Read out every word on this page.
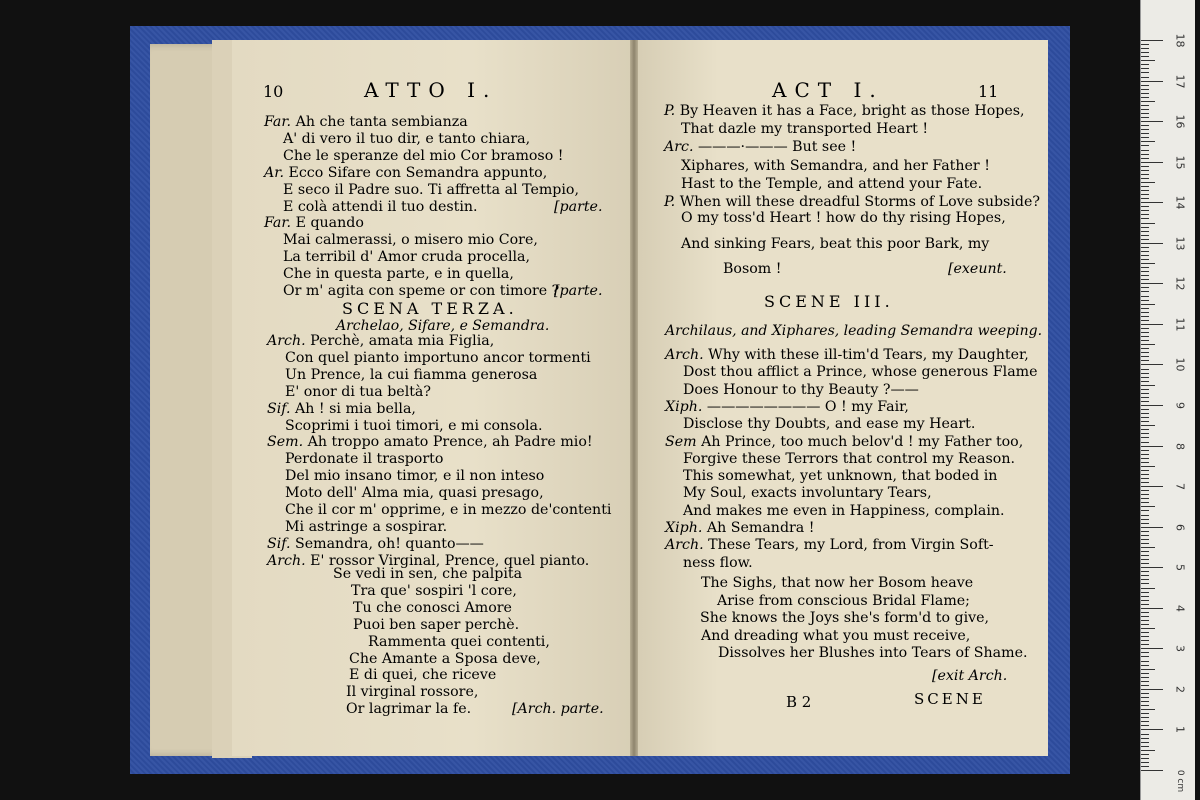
10	ATTO I.	ACT I.	11
Far. Ah che tanta sembianza
A' di vero il tuo dir, e tanto chiara,
Che le speranze del mio Cor bramoso !
Ar. Ecco Sifare con Semandra appunto,
E seco il Padre suo. Ti affretta al Tempio,
E colà attendi il tuo destin.	[parte.
Far. E quando
Mai calmerassi, o misero mio Core,
La terribil d' Amor cruda procella,
Che in questa parte, e in quella,
Or m' agita con speme or con timore ?
[parte.
SCENA TERZA.
Archelao, Sifare, e Semandra.
Arch. Perchè, amata mia Figlia,
Con quel pianto importuno ancor tormenti
Un Prence, la cui fiamma generosa
E' onor di tua beltà?
Sif. Ah ! si mia bella,
Scoprimi i tuoi timori, e mi consola.
Sem. Ah troppo amato Prence, ah Padre mio!
Perdonate il trasporto
Del mio insano timor, e il non inteso
Moto dell' Alma mia, quasi presago,
Che il cor m' opprime, e in mezzo de'contenti
Mi astringe a sospirar.
Sif. Semandra, oh! quanto——
Arch. E' rossor Virginal, Prence, quel pianto.
Se vedi in sen, che palpita
Tra que' sospiri 'l core,
Tu che conosci Amore
Puoi ben saper perchè.
Rammenta quei contenti,
Che Amante a Sposa deve,
E di quei, che riceve
Il virginal rossore,
Or lagrimar la fe.	[Arch. parte.
P. By Heaven it has a Face, bright as those Hopes,
That dazle my transported Heart !
Arc. ———·——— But see !
Xiphares, with Semandra, and her Father !
Hast to the Temple, and attend your Fate.
P. When will these dreadful Storms of Love subside?
O my toss'd Heart ! how do thy rising Hopes,
And sinking Fears, beat this poor Bark, my
Bosom !	[exeunt.
SCENE III.
Archilaus, and Xiphares, leading Semandra weeping.
Arch. Why with these ill-tim'd Tears, my Daughter,
Dost thou afflict a Prince, whose generous Flame
Does Honour to thy Beauty ?——
Xiph. ———————— O ! my Fair,
Disclose thy Doubts, and ease my Heart.
Sem Ah Prince, too much belov'd ! my Father too,
Forgive these Terrors that control my Reason.
This somewhat, yet unknown, that boded in
My Soul, exacts involuntary Tears,
And makes me even in Happiness, complain.
Xiph. Ah Semandra !
Arch. These Tears, my Lord, from Virgin Soft-
ness flow.
The Sighs, that now her Bosom heave
Arise from conscious Bridal Flame;
She knows the Joys she's form'd to give,
And dreading what you must receive,
Dissolves her Blushes into Tears of Shame.
[exit Arch.
B 2	SCENE
0 cm
18
17
16
15
14
13
12
11
10
9
8
7
6
5
4
3
2
1
